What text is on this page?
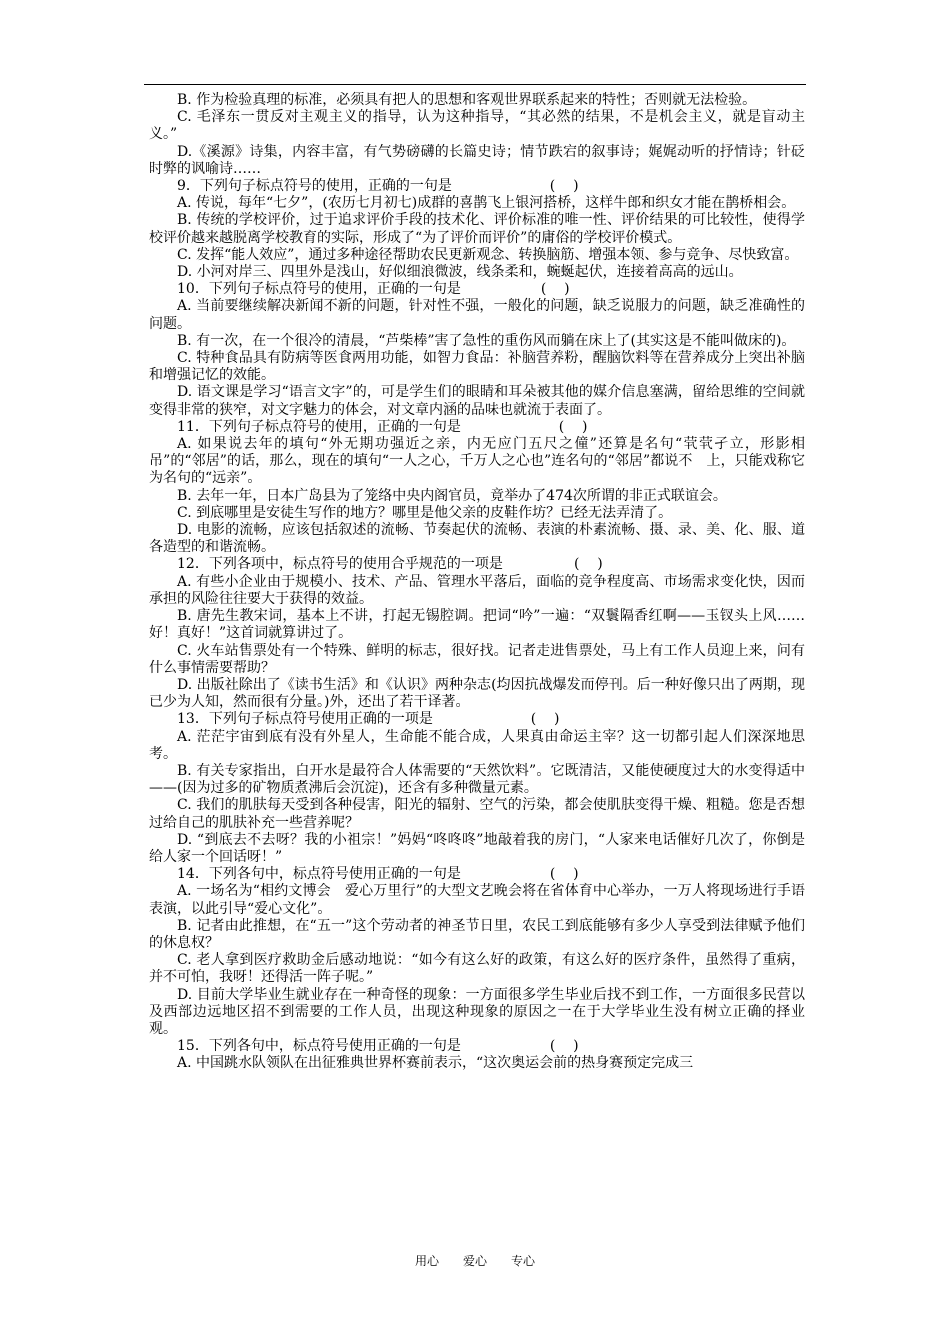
B. 作为检验真理的标准，必须具有把人的思想和客观世界联系起来的特性；否则就无法检验。
C. 毛泽东一贯反对主观主义的指导，认为这种指导，“其必然的结果，不是机会主义，就是盲动主义。”
D.《溪源》诗集，内容丰富，有气势磅礴的长篇史诗；情节跌宕的叙事诗；娓娓动听的抒情诗；针砭时弊的讽喻诗……
9．下列句子标点符号的使用，正确的一句是                      (    )
A. 传说，每年“七夕”，(农历七月初七)成群的喜鹊飞上银河搭桥，这样牛郎和织女才能在鹊桥相会。
B. 传统的学校评价，过于追求评价手段的技术化、评价标准的唯一性、评价结果的可比较性，使得学校评价越来越脱离学校教育的实际，形成了“为了评价而评价”的庸俗的学校评价模式。
C. 发挥“能人效应”，通过多种途径帮助农民更新观念、转换脑筋、增强本领、参与竞争、尽快致富。
D. 小河对岸三、四里外是浅山，好似细浪微波，线条柔和，蜿蜒起伏，连接着高高的远山。
10．下列句子标点符号的使用，正确的一句是                  (    )
A. 当前要继续解决新闻不新的问题，针对性不强，一般化的问题，缺乏说服力的问题，缺乏准确性的问题。
B. 有一次，在一个很冷的清晨，“芦柴棒”害了急性的重伤风而躺在床上了(其实这是不能叫做床的)。
C. 特种食品具有防病等医食两用功能，如智力食品：补脑营养粉，醒脑饮料等在营养成分上突出补脑和增强记忆的效能。
D. 语文课是学习“语言文字”的，可是学生们的眼睛和耳朵被其他的媒介信息塞满，留给思维的空间就变得非常的狭窄，对文字魅力的体会，对文章内涵的品味也就流于表面了。
11．下列句子标点符号的使用，正确的一句是                      (    )
A. 如果说去年的填句“外无期功强近之亲，内无应门五尺之僮”还算是名句“茕茕孑立，形影相吊”的“邻居”的话，那么，现在的填句“一人之心，千万人之心也”连名句的“邻居”都说不　上，只能戏称它为名句的“远亲”。
B. 去年一年，日本广岛县为了笼络中央内阁官员，竟举办了474次所谓的非正式联谊会。
C. 到底哪里是安徒生写作的地方？哪里是他父亲的皮鞋作坊？已经无法弄清了。
D. 电影的流畅，应该包括叙述的流畅、节奏起伏的流畅、表演的朴素流畅、摄、录、美、化、服、道各造型的和谐流畅。
12．下列各项中，标点符号的使用合乎规范的一项是                (    )
A. 有些小企业由于规模小、技术、产品、管理水平落后，面临的竞争程度高、市场需求变化快，因而承担的风险往往要大于获得的效益。
B. 唐先生教宋词，基本上不讲，打起无锡腔调。把词“吟”一遍：“双鬟隔香红啊——玉钗头上风……好！真好！”这首词就算讲过了。
C. 火车站售票处有一个特殊、鲜明的标志，很好找。记者走进售票处，马上有工作人员迎上来，问有什么事情需要帮助？
D. 出版社除出了《读书生活》和《认识》两种杂志(均因抗战爆发而停刊。后一种好像只出了两期，现已少为人知，然而很有分量。)外，还出了若干译著。
13．下列句子标点符号使用正确的一项是                      (    )
A. 茫茫宇宙到底有没有外星人，生命能不能合成，人果真由命运主宰？这一切都引起人们深深地思考。
B. 有关专家指出，白开水是最符合人体需要的“天然饮料”。它既清洁，又能使硬度过大的水变得适中——(因为过多的矿物质煮沸后会沉淀)，还含有多种微量元素。
C. 我们的肌肤每天受到各种侵害，阳光的辐射、空气的污染，都会使肌肤变得干燥、粗糙。您是否想过给自己的肌肤补充一些营养呢？
D. “到底去不去呀？我的小祖宗！”妈妈“咚咚咚”地敲着我的房门，“人家来电话催好几次了，你倒是给人家一个回话呀！”
14．下列各句中，标点符号使用正确的一句是                    (    )
A. 一场名为“相约文博会　爱心万里行”的大型文艺晚会将在省体育中心举办，一万人将现场进行手语表演，以此引导“爱心文化”。
B. 记者由此推想，在“五一”这个劳动者的神圣节日里，农民工到底能够有多少人享受到法律赋予他们的休息权？
C. 老人拿到医疗救助金后感动地说：“如今有这么好的政策，有这么好的医疗条件，虽然得了重病，并不可怕，我呀！还得活一阵子呢。”
D. 目前大学毕业生就业存在一种奇怪的现象：一方面很多学生毕业后找不到工作，一方面很多民营以及西部边远地区招不到需要的工作人员，出现这种现象的原因之一在于大学毕业生没有树立正确的择业观。
15．下列各句中，标点符号使用正确的一句是                    (    )
A. 中国跳水队领队在出征雅典世界杯赛前表示，“这次奥运会前的热身赛预定完成三
用心　　爱心　　专心
